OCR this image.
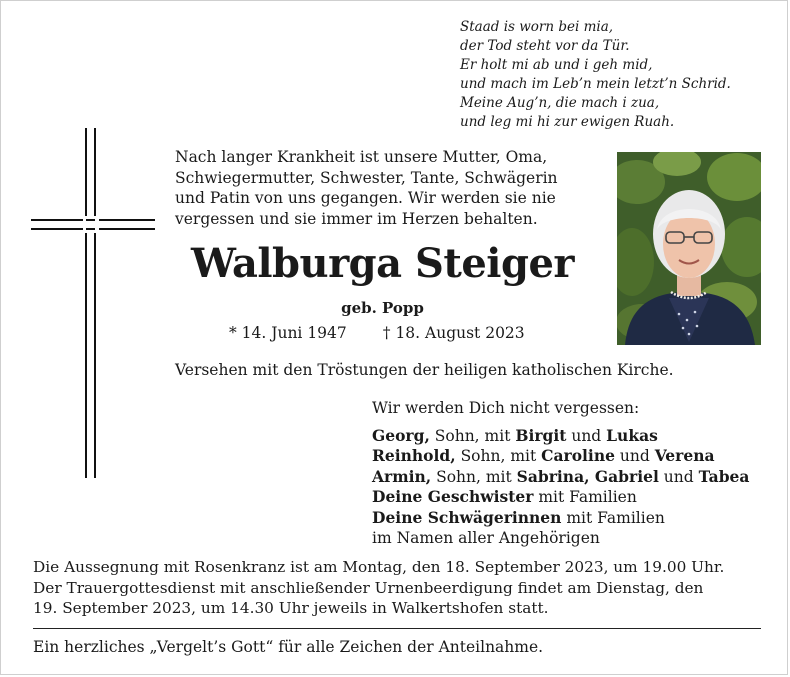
Staad is worn bei mia,
der Tod steht vor da Tür.
Er holt mi ab und i geh mid,
und mach im Leb’n mein letzt’n Schrid.
Meine Aug’n, die mach i zua,
und leg mi hi zur ewigen Ruah.
Nach langer Krankheit ist unsere Mutter, Oma,
Schwiegermutter, Schwester, Tante, Schwägerin
und Patin von uns gegangen. Wir werden sie nie
vergessen und sie immer im Herzen behalten.
Walburga Steiger
geb. Popp
* 14. Juni 1947 † 18. August 2023
Versehen mit den Tröstungen der heiligen katholischen Kirche.
Wir werden Dich nicht vergessen:
Georg, Sohn, mit Birgit und Lukas
Reinhold, Sohn, mit Caroline und Verena
Armin, Sohn, mit Sabrina, Gabriel und Tabea
Deine Geschwister mit Familien
Deine Schwägerinnen mit Familien
im Namen aller Angehörigen
Die Aussegnung mit Rosenkranz ist am Montag, den 18. September 2023, um 19.00 Uhr.
Der Trauergottesdienst mit anschließender Urnenbeerdigung findet am Dienstag, den
19. September 2023, um 14.30 Uhr jeweils in Walkertshofen statt.
Ein herzliches „Vergelt’s Gott“ für alle Zeichen der Anteilnahme.
